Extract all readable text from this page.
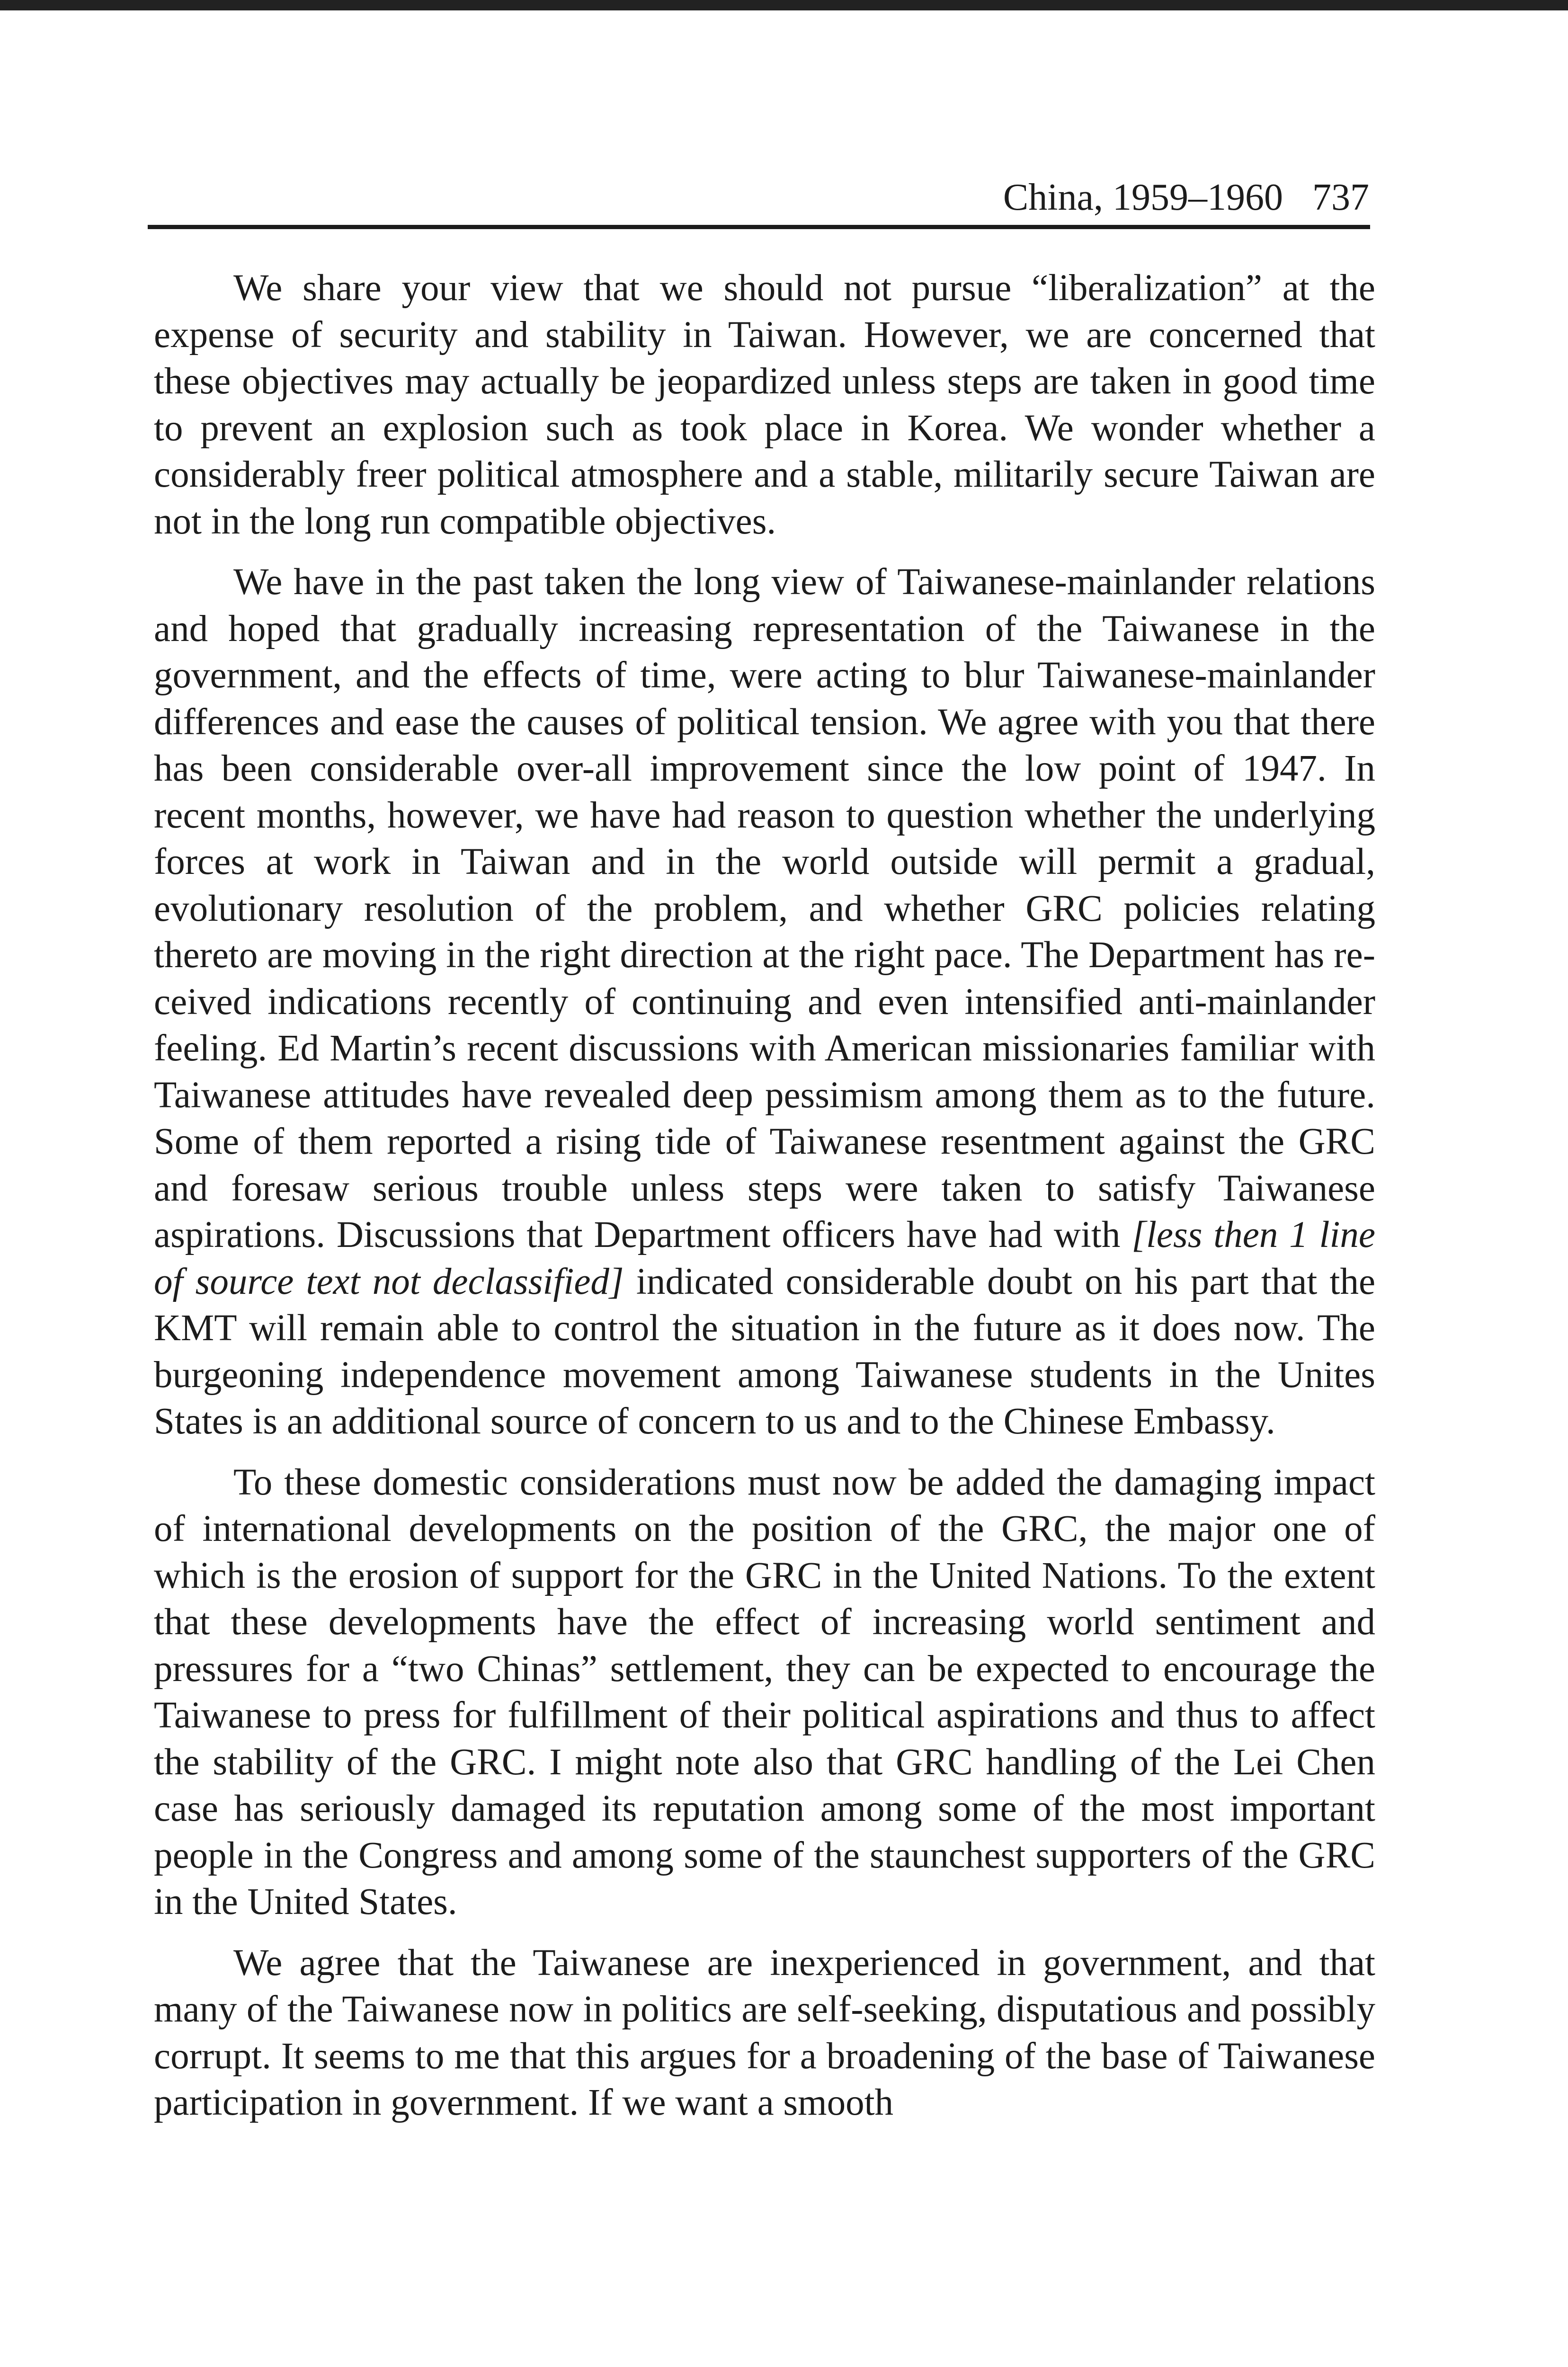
China, 1959–1960 737

We share your view that we should not pursue “liberalization” at the expense of security and stability in Taiwan. However, we are concerned that these objectives may actually be jeopardized unless steps are taken in good time to prevent an explosion such as took place in Korea. We wonder whether a considerably freer political atmosphere and a stable, militarily secure Taiwan are not in the long run compatible objectives.

We have in the past taken the long view of Taiwanese-mainlander relations and hoped that gradually increasing representation of the Taiwanese in the government, and the effects of time, were acting to blur Taiwanese-mainlander differences and ease the causes of political tension. We agree with you that there has been considerable over-all improvement since the low point of 1947. In recent months, however, we have had reason to question whether the underlying forces at work in Taiwan and in the world outside will permit a gradual, evolutionary resolution of the problem, and whether GRC policies relating thereto are moving in the right direction at the right pace. The Department has received indications recently of continuing and even intensified anti-mainlander feeling. Ed Martin’s recent discussions with American missionaries familiar with Taiwanese attitudes have revealed deep pessimism among them as to the future. Some of them reported a rising tide of Taiwanese resentment against the GRC and foresaw serious trouble unless steps were taken to satisfy Taiwanese aspirations. Discussions that Department officers have had with [less then 1 line of source text not declassified] indicated considerable doubt on his part that the KMT will remain able to control the situation in the future as it does now. The burgeoning independence movement among Taiwanese students in the Unites States is an additional source of concern to us and to the Chinese Embassy.

To these domestic considerations must now be added the damaging impact of international developments on the position of the GRC, the major one of which is the erosion of support for the GRC in the United Nations. To the extent that these developments have the effect of increasing world sentiment and pressures for a “two Chinas” settlement, they can be expected to encourage the Taiwanese to press for fulfillment of their political aspirations and thus to affect the stability of the GRC. I might note also that GRC handling of the Lei Chen case has seriously damaged its reputation among some of the most important people in the Congress and among some of the staunchest supporters of the GRC in the United States.

We agree that the Taiwanese are inexperienced in government, and that many of the Taiwanese now in politics are self-seeking, disputatious and possibly corrupt. It seems to me that this argues for a broadening of the base of Taiwanese participation in government. If we want a smooth
